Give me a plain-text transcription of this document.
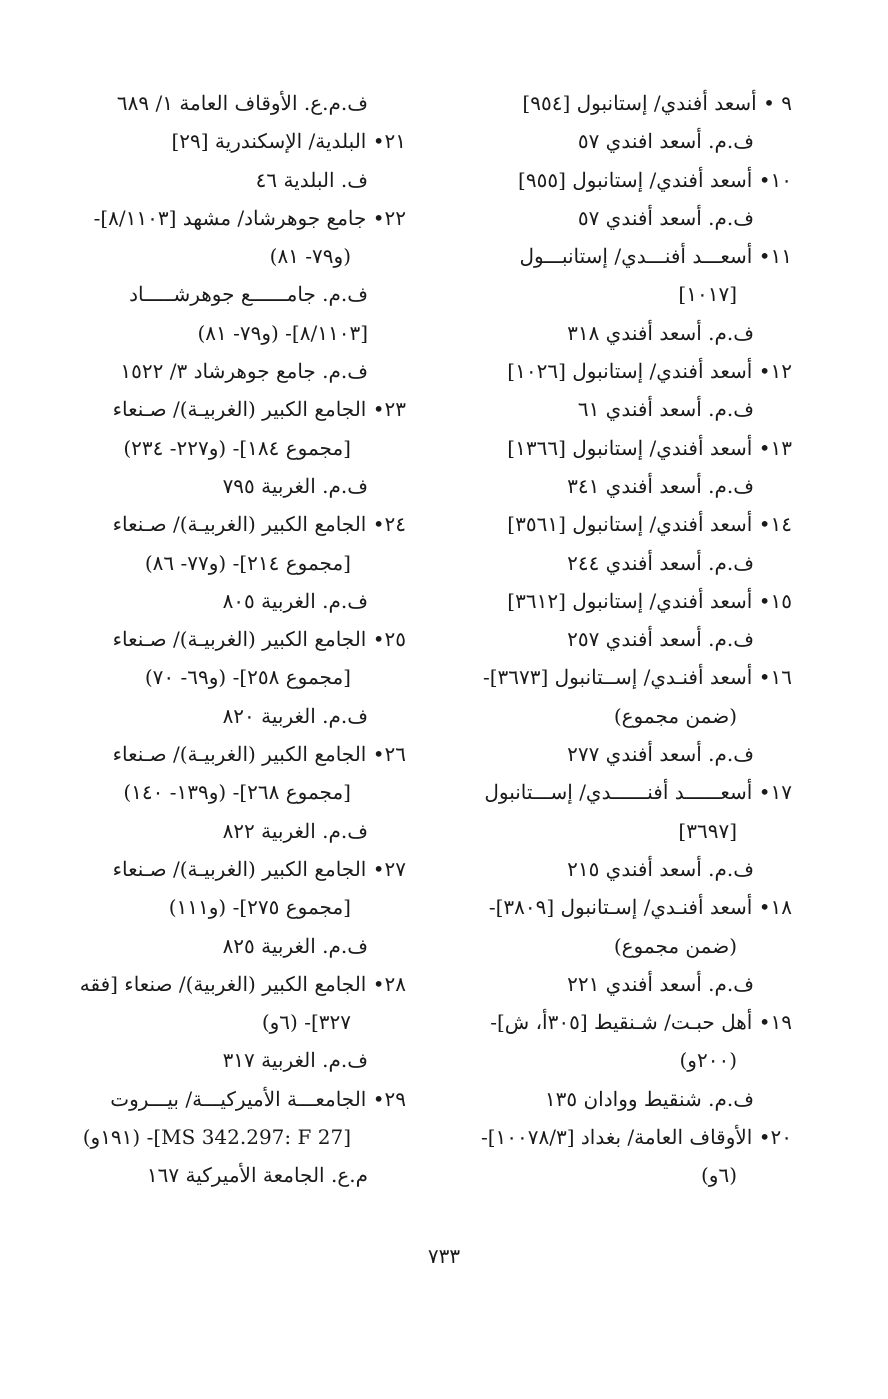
٩ • أسعد أفندي/ إستانبول [٩٥٤]
ف.م. أسعد افندي ٥٧
١٠• أسعد أفندي/ إستانبول [٩٥٥]
ف.م. أسعد أفندي ٥٧
١١• أسعـــد أفنـــدي/ إستانبـــول
[١٠١٧]
ف.م. أسعد أفندي ٣١٨
١٢• أسعد أفندي/ إستانبول [١٠٢٦]
ف.م. أسعد أفندي ٦١
١٣• أسعد أفندي/ إستانبول [١٣٦٦]
ف.م. أسعد أفندي ٣٤١
١٤• أسعد أفندي/ إستانبول [٣٥٦١]
ف.م. أسعد أفندي ٢٤٤
١٥• أسعد أفندي/ إستانبول [٣٦١٢]
ف.م. أسعد أفندي ٢٥٧
١٦• أسعد أفنـدي/ إســتانبول [٣٦٧٣]-
(ضمن مجموع)
ف.م. أسعد أفندي ٢٧٧
١٧• أسعــــــد أفنــــــدي/ إســـتانبول
[٣٦٩٧]
ف.م. أسعد أفندي ٢١٥
١٨• أسعد أفنـدي/ إسـتانبول [٣٨٠٩]-
(ضمن مجموع)
ف.م. أسعد أفندي ٢٢١
١٩• أهل حبـت/ شـنقيط [٣٠٥أ، ش]-
(٢٠٠و)
ف.م. شنقيط ووادان ١٣٥
٢٠• الأوقاف العامة/ بغداد [١٠٠٧٨/٣]-
(٦و)
ف.م.ع. الأوقاف العامة ١/ ٦٨٩
٢١• البلدية/ الإسكندرية [٢٩]
ف. البلدية ٤٦
٢٢• جامع جوهرشاد/ مشهد [٨/١١٠٣]-
(و٧٩- ٨١)
ف.م. جامــــــع جوهرشـــــاد
[٨/١١٠٣]- (و٧٩- ٨١)
ف.م. جامع جوهرشاد ٣/ ١٥٢٢
٢٣• الجامع الكبير (الغربيـة)/ صـنعاء
[مجموع ١٨٤]- (و٢٢٧- ٢٣٤)
ف.م. الغربية ٧٩٥
٢٤• الجامع الكبير (الغربيـة)/ صـنعاء
[مجموع ٢١٤]- (و٧٧- ٨٦)
ف.م. الغربية ٨٠٥
٢٥• الجامع الكبير (الغربيـة)/ صـنعاء
[مجموع ٢٥٨]- (و٦٩- ٧٠)
ف.م. الغربية ٨٢٠
٢٦• الجامع الكبير (الغربيـة)/ صـنعاء
[مجموع ٢٦٨]- (و١٣٩- ١٤٠)
ف.م. الغربية ٨٢٢
٢٧• الجامع الكبير (الغربيـة)/ صـنعاء
[مجموع ٢٧٥]- (و١١١)
ف.م. الغربية ٨٢٥
٢٨• الجامع الكبير (الغربية)/ صنعاء [فقه
٣٢٧]- (٦و)
ف.م. الغربية ٣١٧
٢٩• الجامعـــة الأميركيـــة/ بيـــروت
[MS 342.297: F 27]- (١٩١و)
م.ع. الجامعة الأميركية ١٦٧
٧٣٣
